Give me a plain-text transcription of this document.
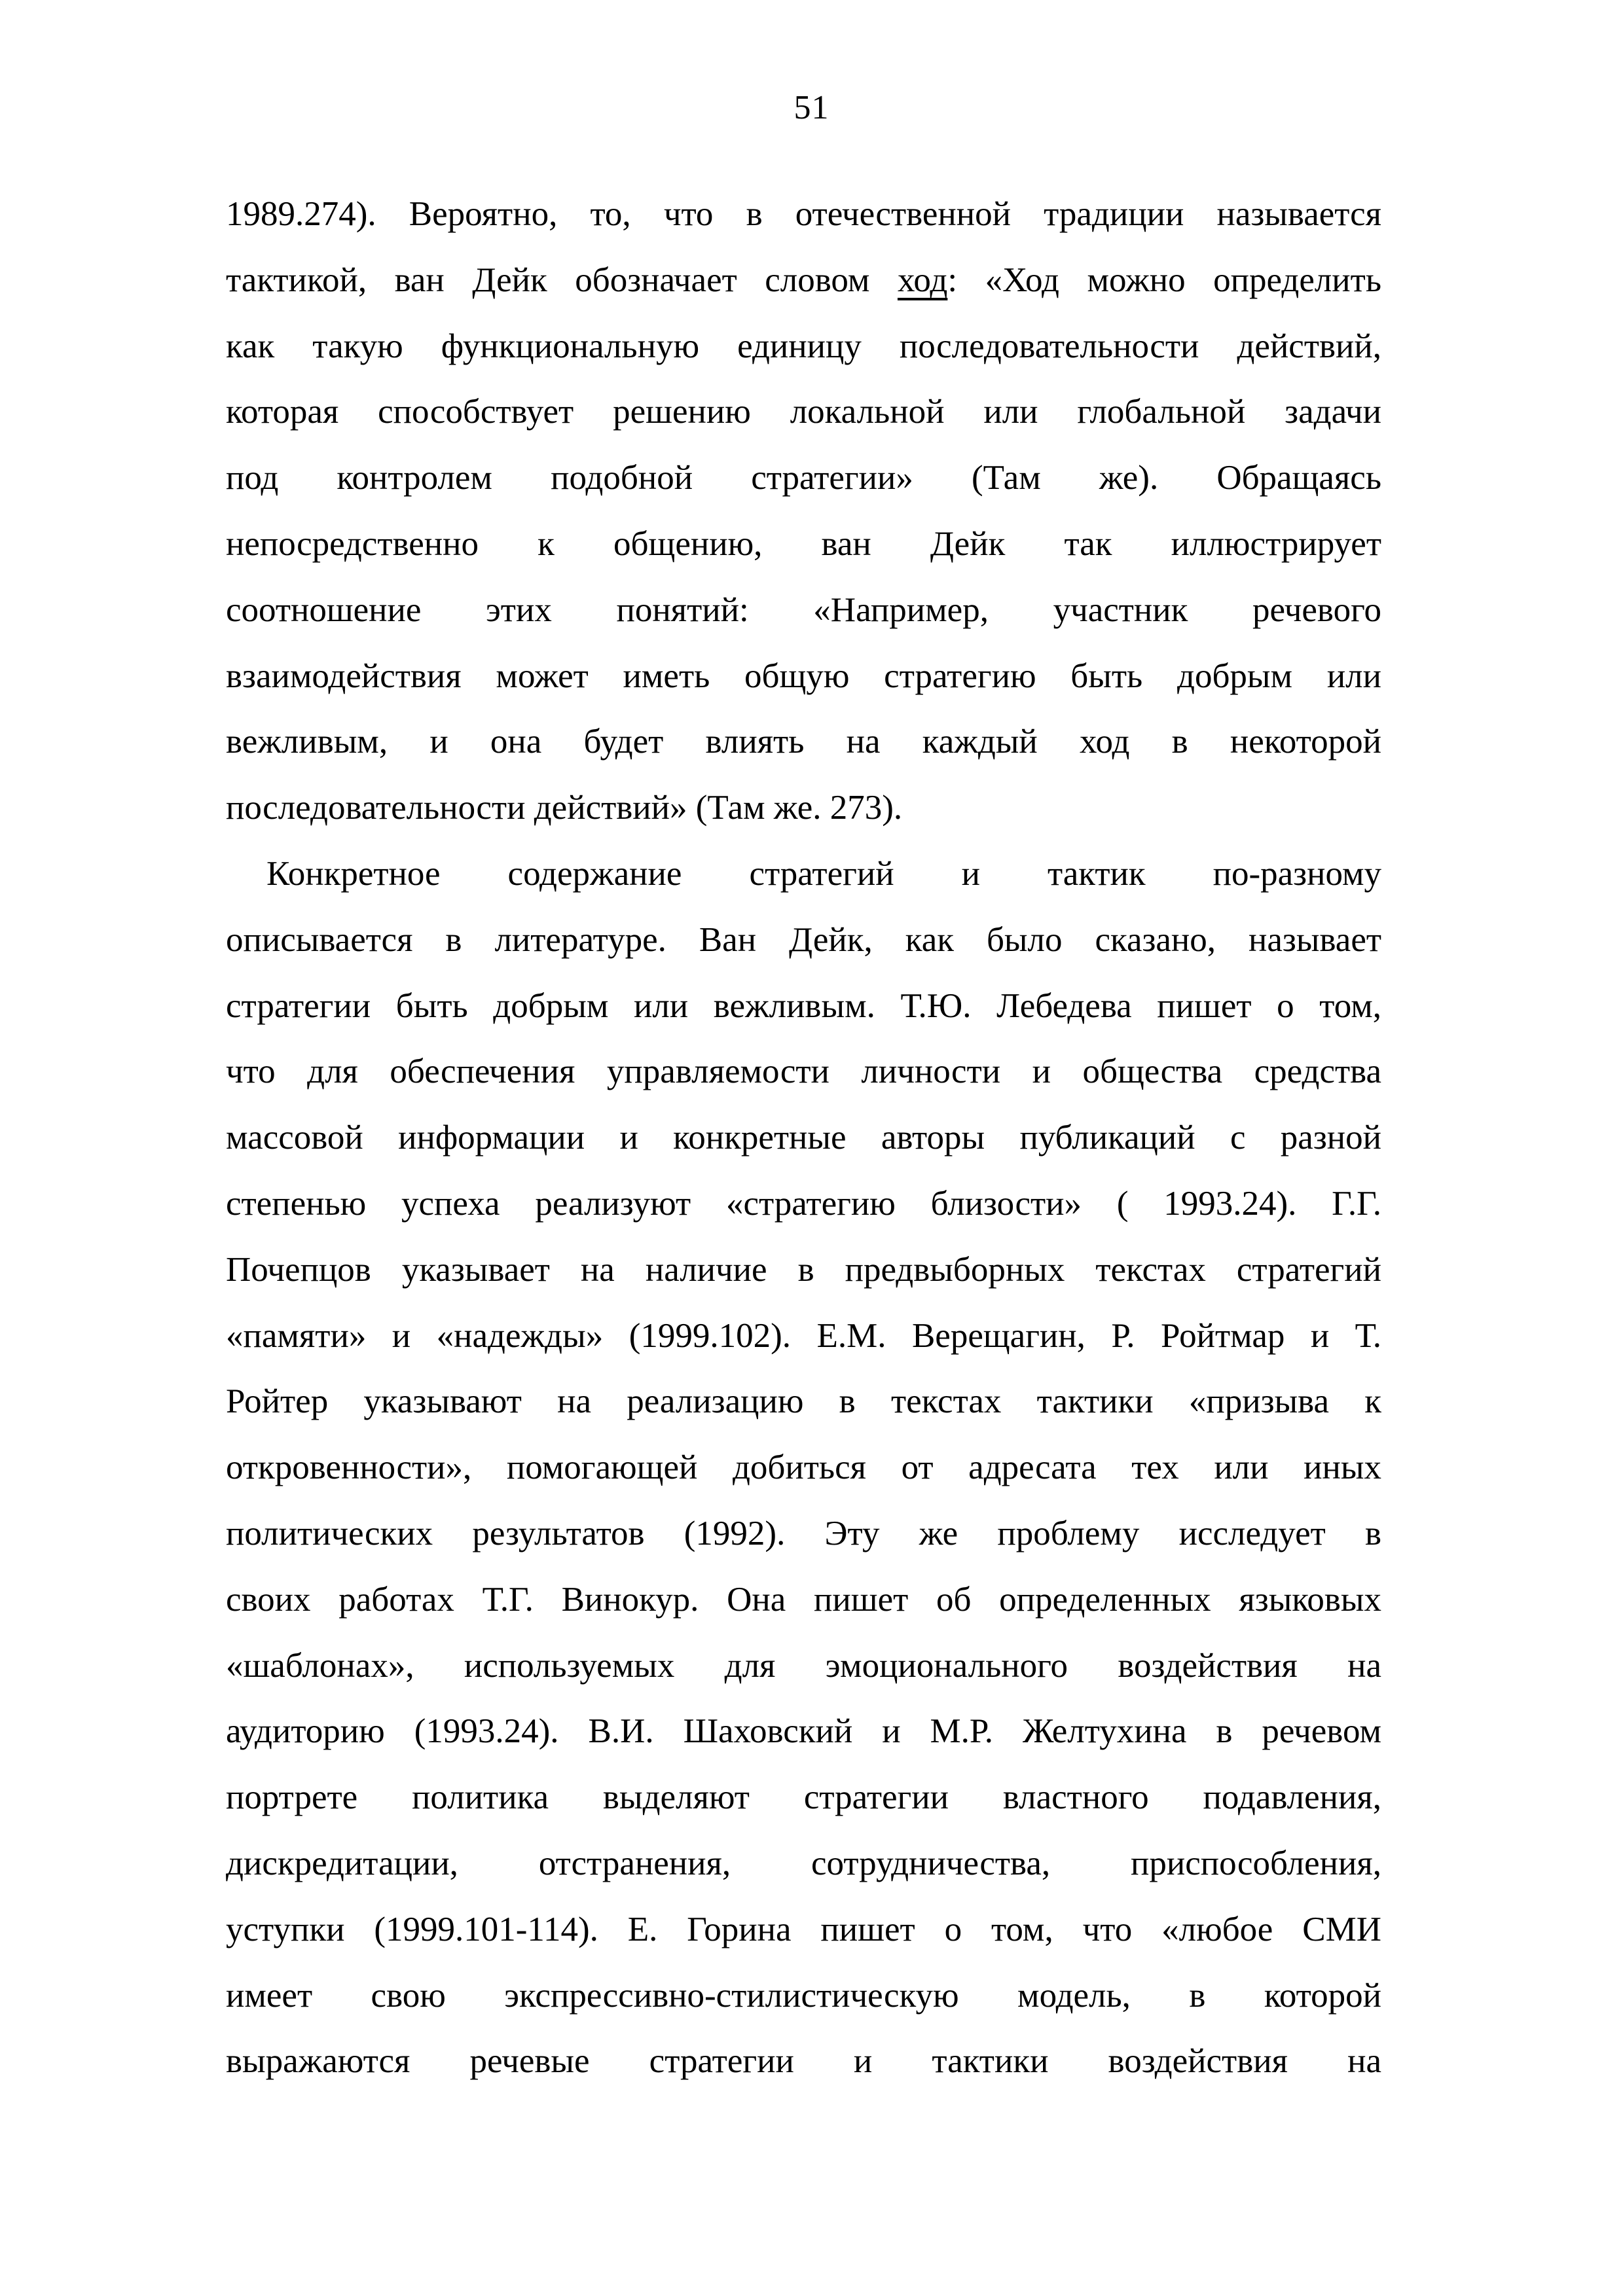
51
1989.274). Вероятно, то, что в отечественной традиции называется
тактикой, ван Дейк обозначает словом ход: «Ход можно определить
как такую функциональную единицу последовательности действий,
которая способствует решению локальной или глобальной задачи
под контролем подобной стратегии» (Там же). Обращаясь
непосредственно к общению, ван Дейк так иллюстрирует
соотношение этих понятий: «Например, участник речевого
взаимодействия может иметь общую стратегию быть добрым или
вежливым, и она будет влиять на каждый ход в некоторой
последовательности действий» (Там же. 273).
Конкретное содержание стратегий и тактик по-разному
описывается в литературе. Ван Дейк, как было сказано, называет
стратегии быть добрым или вежливым. Т.Ю. Лебедева пишет о том,
что для обеспечения управляемости личности и общества средства
массовой информации и конкретные авторы публикаций с разной
степенью успеха реализуют «стратегию близости» ( 1993.24). Г.Г.
Почепцов указывает на наличие в предвыборных текстах стратегий
«памяти» и «надежды» (1999.102). Е.М. Верещагин, Р. Ройтмар и Т.
Ройтер указывают на реализацию в текстах тактики «призыва к
откровенности», помогающей добиться от адресата тех или иных
политических результатов (1992). Эту же проблему исследует в
своих работах Т.Г. Винокур. Она пишет об определенных языковых
«шаблонах», используемых для эмоционального воздействия на
аудиторию (1993.24). В.И. Шаховский и М.Р. Желтухина в речевом
портрете политика выделяют стратегии властного подавления,
дискредитации, отстранения, сотрудничества, приспособления,
уступки (1999.101-114). Е. Горина пишет о том, что «любое СМИ
имеет свою экспрессивно-стилистическую модель, в которой
выражаются речевые стратегии и тактики воздействия на
